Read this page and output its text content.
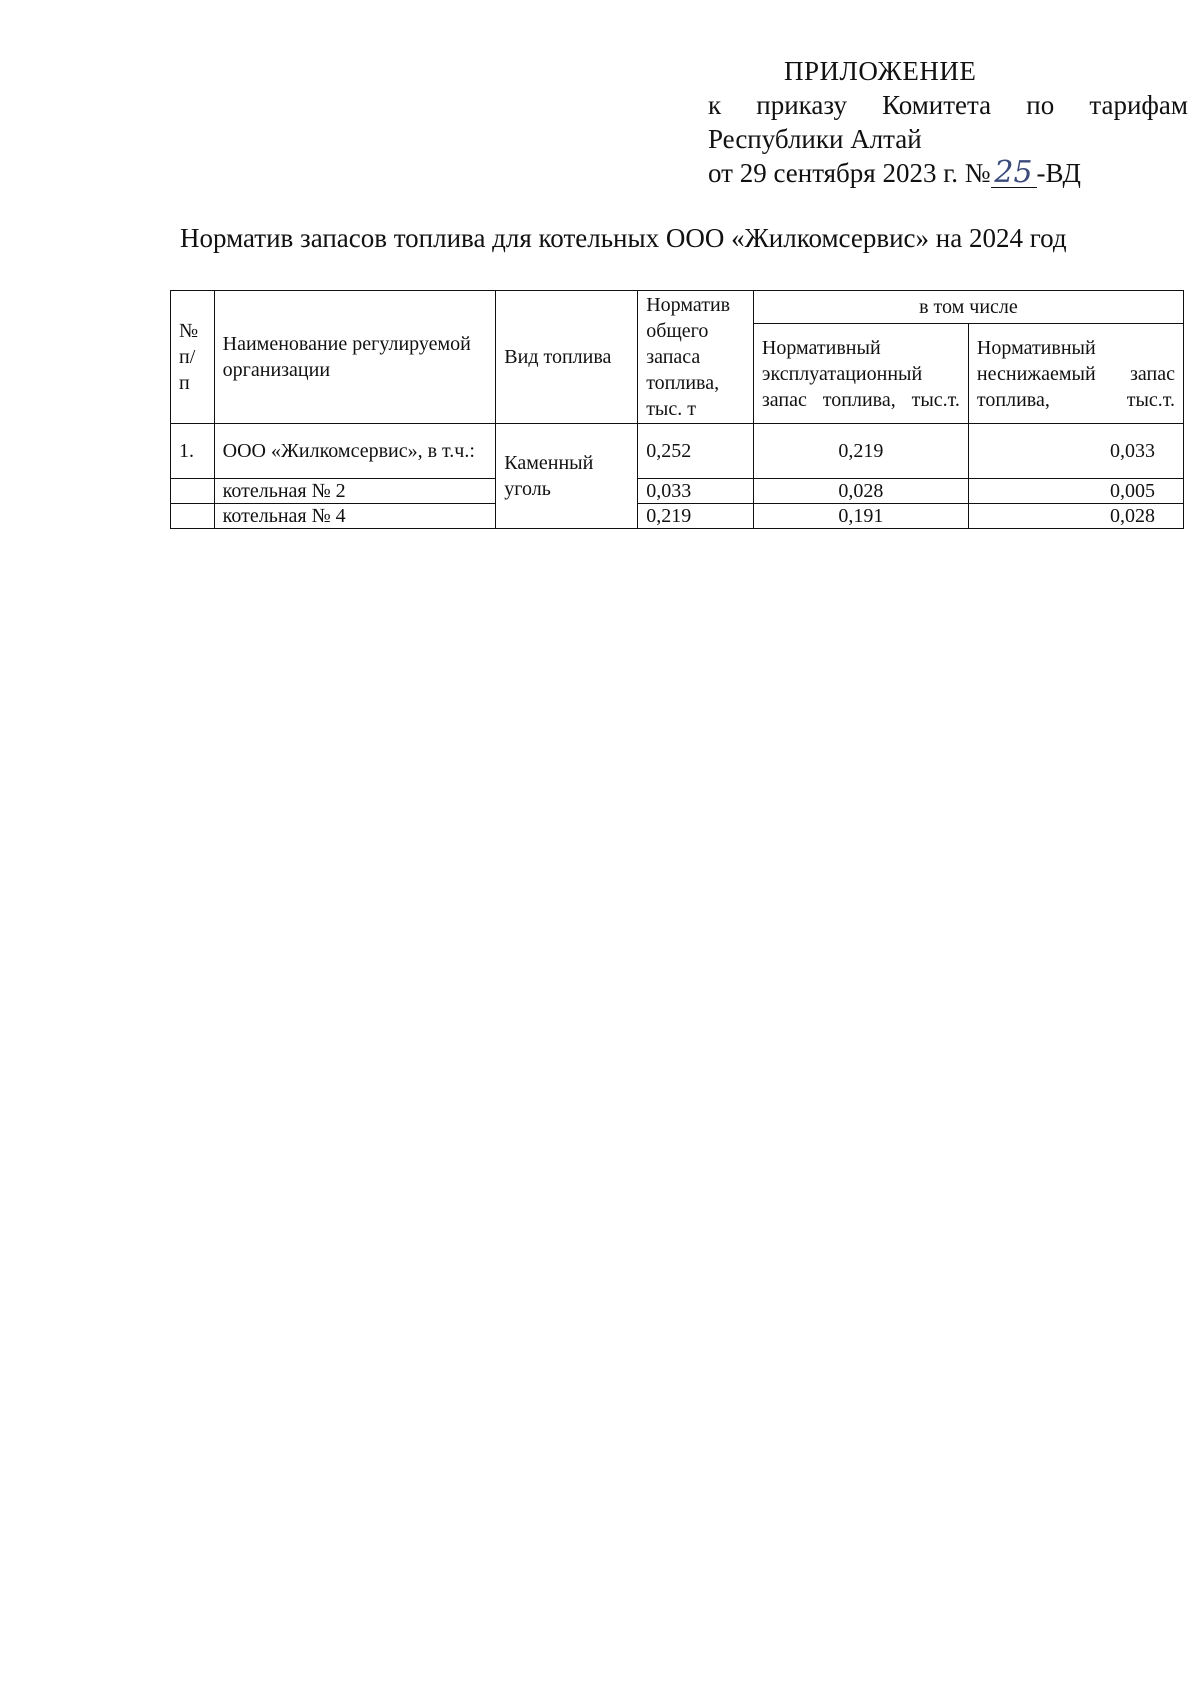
ПРИЛОЖЕНИЕ
к приказу Комитета по тарифам
Республики Алтай
от 29 сентября 2023 г. № 25 -ВД
Норматив запасов топлива для котельных ООО «Жилкомсервис» на 2024 год
№ п/п	Наименование регулируемой организации	Вид топлива	Норматив общего запаса топлива, тыс. т	в том числе	

				Нормативный эксплуатационный запас топлива, тыс.т.	Нормативный неснижаемый запас топлива, тыс.т.

1.	ООО «Жилкомсервис», в т.ч.:	Каменный уголь	0,252	0,219	0,033
	котельная № 2		0,033	0,028	0,005
	котельная № 4		0,219	0,191	0,028
